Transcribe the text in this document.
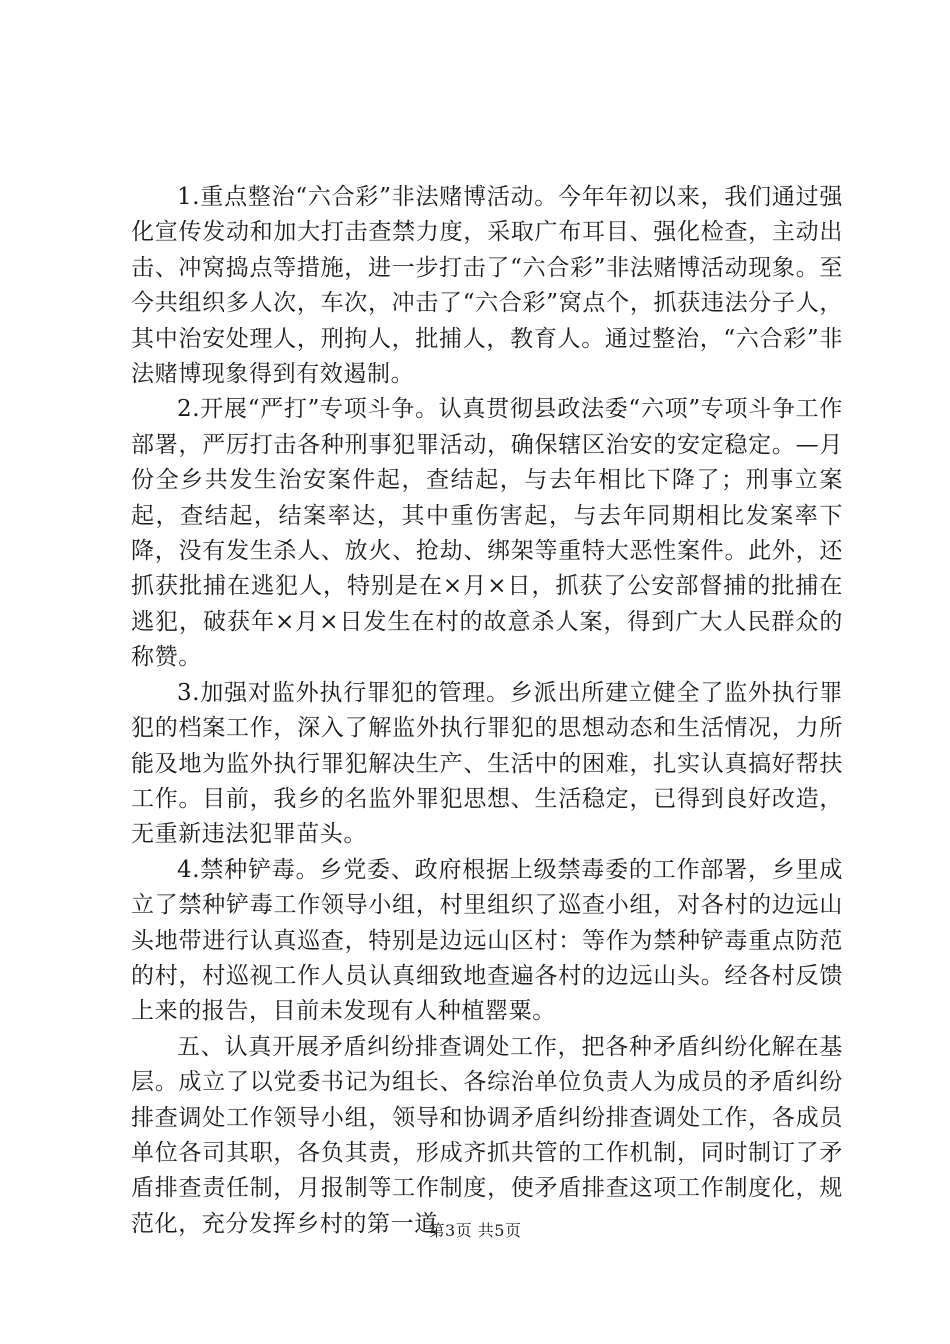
1.重点整治“六合彩”非法赌博活动。今年年初以来，我们通过强化宣传发动和加大打击查禁力度，采取广布耳目、强化检查，主动出击、冲窝捣点等措施，进一步打击了“六合彩”非法赌博活动现象。至今共组织多人次，车次，冲击了“六合彩”窝点个，抓获违法分子人，其中治安处理人，刑拘人，批捕人，教育人。通过整治，“六合彩”非法赌博现象得到有效遏制。

2.开展“严打”专项斗争。认真贯彻县政法委“六项”专项斗争工作部署，严厉打击各种刑事犯罪活动，确保辖区治安的安定稳定。—月份全乡共发生治安案件起，查结起，与去年相比下降了；刑事立案起，查结起，结案率达，其中重伤害起，与去年同期相比发案率下降，没有发生杀人、放火、抢劫、绑架等重特大恶性案件。此外，还抓获批捕在逃犯人，特别是在×月×日，抓获了公安部督捕的批捕在逃犯，破获年×月×日发生在村的故意杀人案，得到广大人民群众的称赞。

3.加强对监外执行罪犯的管理。乡派出所建立健全了监外执行罪犯的档案工作，深入了解监外执行罪犯的思想动态和生活情况，力所能及地为监外执行罪犯解决生产、生活中的困难，扎实认真搞好帮扶工作。目前，我乡的名监外罪犯思想、生活稳定，已得到良好改造，无重新违法犯罪苗头。

4.禁种铲毒。乡党委、政府根据上级禁毒委的工作部署，乡里成立了禁种铲毒工作领导小组，村里组织了巡查小组，对各村的边远山头地带进行认真巡查，特别是边远山区村：等作为禁种铲毒重点防范的村，村巡视工作人员认真细致地查遍各村的边远山头。经各村反馈上来的报告，目前未发现有人种植罂粟。

五、认真开展矛盾纠纷排查调处工作，把各种矛盾纠纷化解在基层。成立了以党委书记为组长、各综治单位负责人为成员的矛盾纠纷排查调处工作领导小组，领导和协调矛盾纠纷排查调处工作，各成员单位各司其职，各负其责，形成齐抓共管的工作机制，同时制订了矛盾排查责任制，月报制等工作制度，使矛盾排查这项工作制度化，规范化，充分发挥乡村的第一道

第3页 共5页
